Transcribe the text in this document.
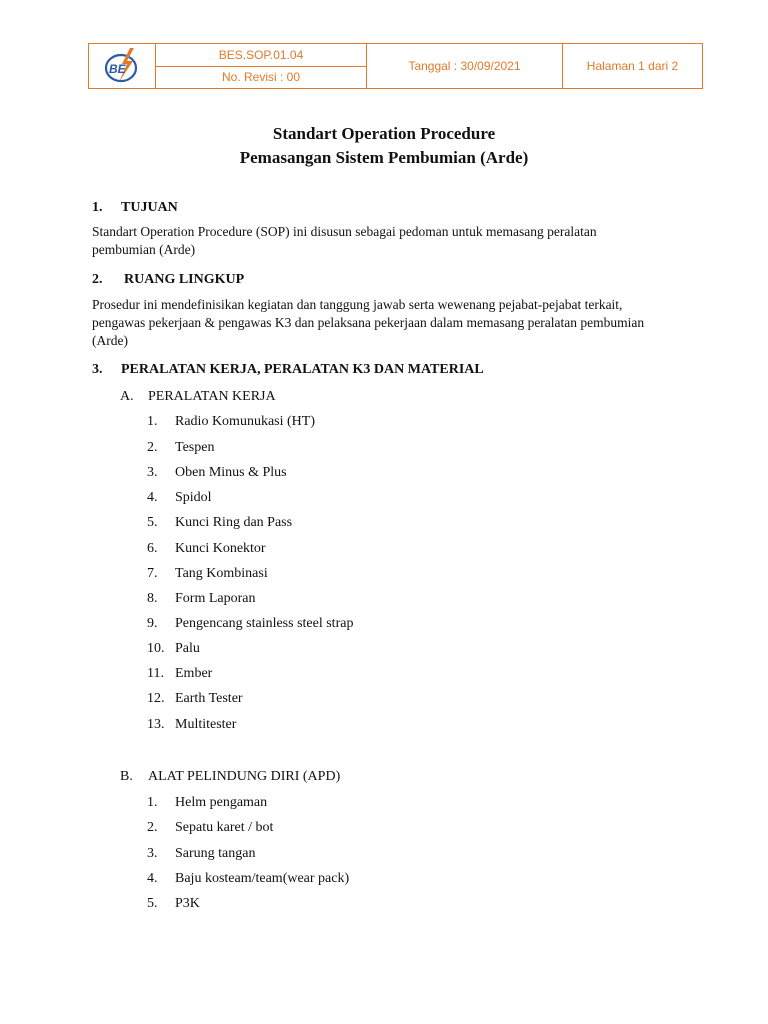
BE
	BES.SOP.01.04	Tanggal : 30/09/2021	Halaman 1 dari 2
No. Revisi : 00
Standart Operation Procedure
Pemasangan Sistem Pembumian (Arde)
1. TUJUAN
Standart Operation Procedure (SOP) ini disusun sebagai pedoman untuk memasang peralatan
pembumian (Arde)
2. RUANG LINGKUP
Prosedur ini mendefinisikan kegiatan dan tanggung jawab serta wewenang pejabat-pejabat terkait,
pengawas pekerjaan & pengawas K3 dan pelaksana pekerjaan dalam memasang peralatan pembumian
(Arde)
3. PERALATAN KERJA, PERALATAN K3 DAN MATERIAL
A. PERALATAN KERJA
1. Radio Komunukasi (HT)
2. Tespen
3. Oben Minus & Plus
4. Spidol
5. Kunci Ring dan Pass
6. Kunci Konektor
7. Tang Kombinasi
8. Form Laporan
9. Pengencang stainless steel strap
10. Palu
11. Ember
12. Earth Tester
13. Multitester
B. ALAT PELINDUNG DIRI (APD)
1. Helm pengaman
2. Sepatu karet / bot
3. Sarung tangan
4. Baju kosteam/team(wear pack)
5. P3K
